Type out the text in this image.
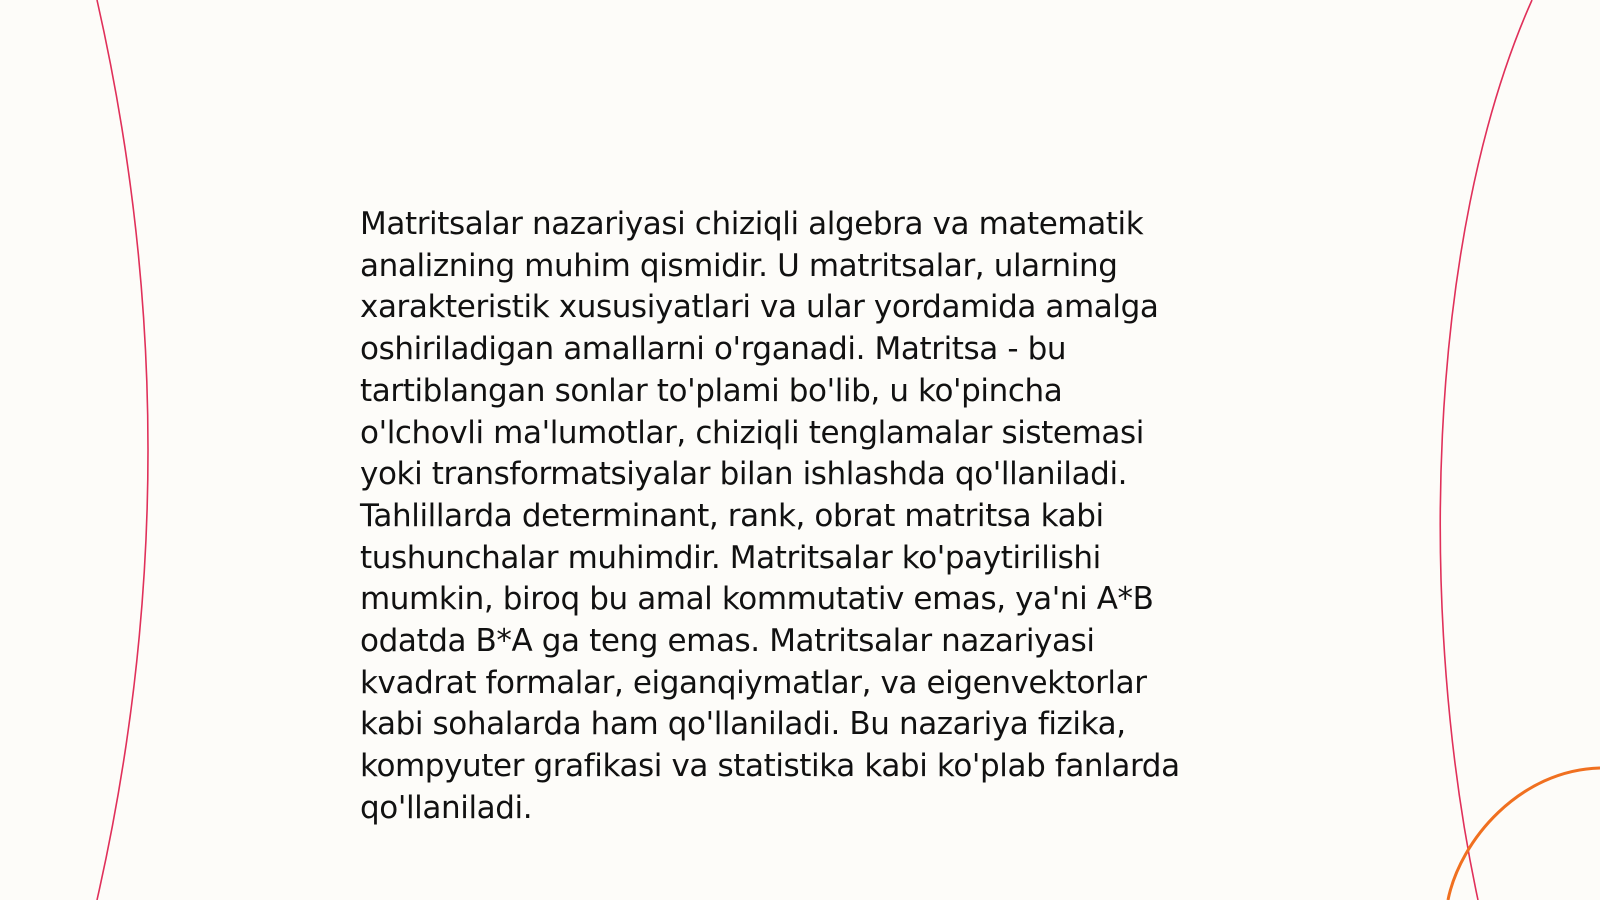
Matritsalar nazariyasi chiziqli algebra va matematik
analizning muhim qismidir. U matritsalar, ularning
xarakteristik xususiyatlari va ular yordamida amalga
oshiriladigan amallarni o'rganadi. Matritsa - bu
tartiblangan sonlar to'plami bo'lib, u ko'pincha
o'lchovli ma'lumotlar, chiziqli tenglamalar sistemasi
yoki transformatsiyalar bilan ishlashda qo'llaniladi.
Tahlillarda determinant, rank, obrat matritsa kabi
tushunchalar muhimdir. Matritsalar ko'paytirilishi
mumkin, biroq bu amal kommutativ emas, ya'ni A*B
odatda B*A ga teng emas. Matritsalar nazariyasi
kvadrat formalar, eiganqiymatlar, va eigenvektorlar
kabi sohalarda ham qo'llaniladi. Bu nazariya fizika,
kompyuter grafikasi va statistika kabi ko'plab fanlarda
qo'llaniladi.
